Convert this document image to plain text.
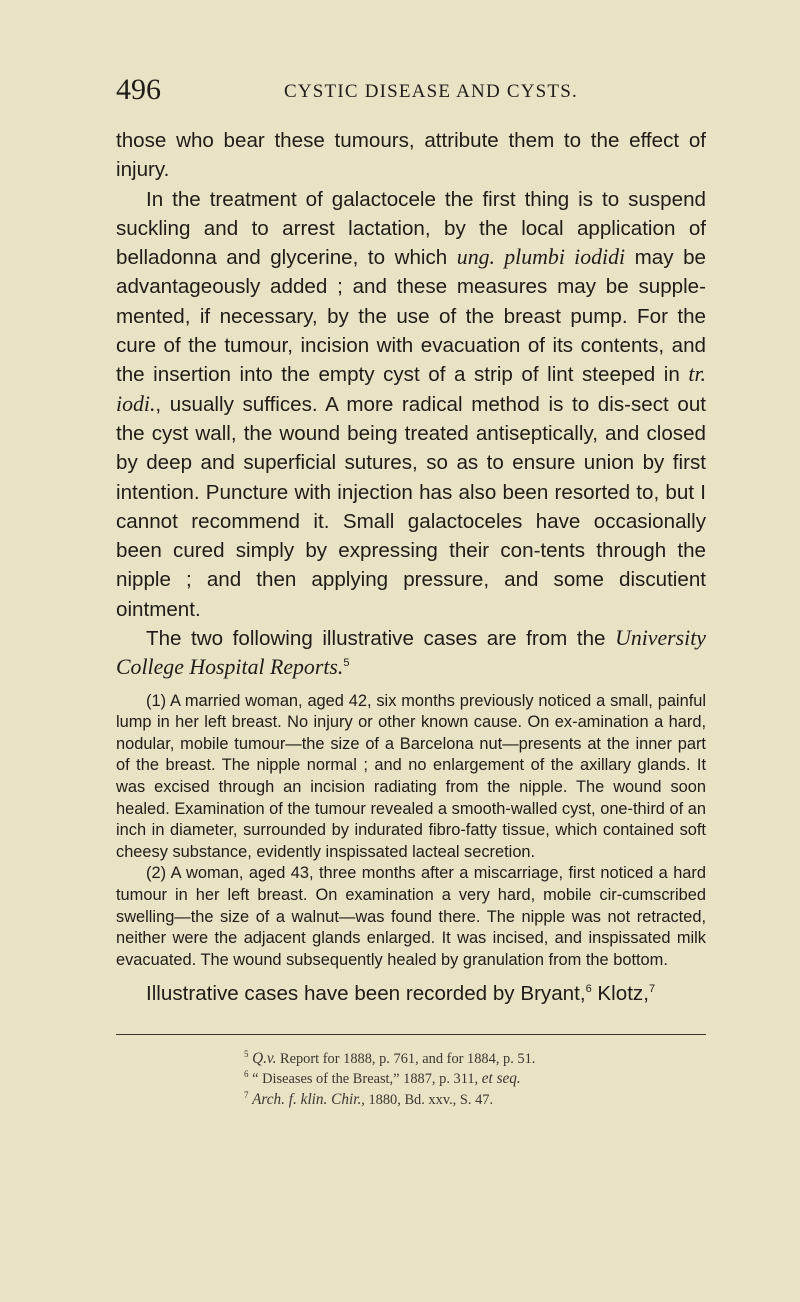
496	CYSTIC DISEASE AND CYSTS.

those who bear these tumours, attribute them to the effect of injury.

In the treatment of galactocele the first thing is to suspend suckling and to arrest lactation, by the local application of belladonna and glycerine, to which ung. plumbi iodidi may be advantageously added ; and these measures may be supple-mented, if necessary, by the use of the breast pump. For the cure of the tumour, incision with evacuation of its contents, and the insertion into the empty cyst of a strip of lint steeped in tr. iodi., usually suffices. A more radical method is to dis-sect out the cyst wall, the wound being treated antiseptically, and closed by deep and superficial sutures, so as to ensure union by first intention. Puncture with injection has also been resorted to, but I cannot recommend it. Small galactoceles have occasionally been cured simply by expressing their con-tents through the nipple ; and then applying pressure, and some discutient ointment.

The two following illustrative cases are from the University College Hospital Reports.$^5$

(1) A married woman, aged 42, six months previously noticed a small, painful lump in her left breast. No injury or other known cause. On ex-amination a hard, nodular, mobile tumour—the size of a Barcelona nut—presents at the inner part of the breast. The nipple normal ; and no enlargement of the axillary glands. It was excised through an incision radiating from the nipple. The wound soon healed. Examination of the tumour revealed a smooth-walled cyst, one-third of an inch in diameter, surrounded by indurated fibro-fatty tissue, which contained soft cheesy substance, evidently inspissated lacteal secretion.

(2) A woman, aged 43, three months after a miscarriage, first noticed a hard tumour in her left breast. On examination a very hard, mobile cir-cumscribed swelling—the size of a walnut—was found there. The nipple was not retracted, neither were the adjacent glands enlarged. It was incised, and inspissated milk evacuated. The wound subsequently healed by granulation from the bottom.

Illustrative cases have been recorded by Bryant,$^6$ Klotz,$^7$

$^5$ Q.v. Report for 1888, p. 761, and for 1884, p. 51.

$^6$ “ Diseases of the Breast,” 1887, p. 311, et seq.

$^7$ Arch. f. klin. Chir., 1880, Bd. xxv., S. 47.
